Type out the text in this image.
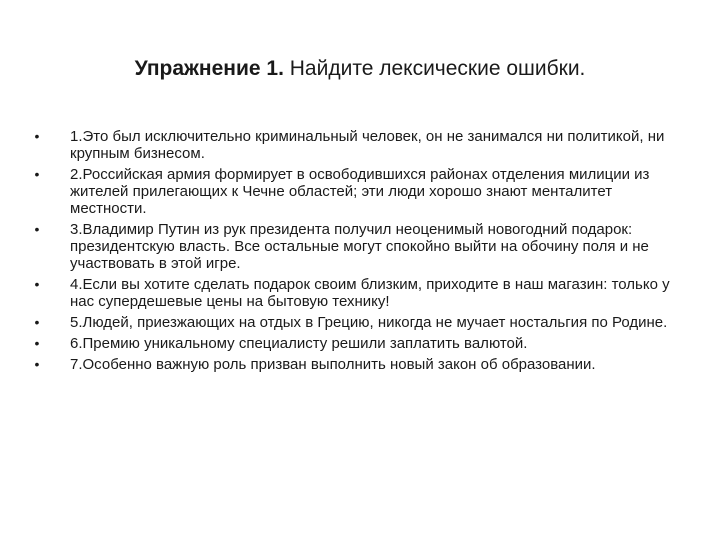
Упражнение 1. Найдите лексические ошибки.
•	1.Это был исключительно криминальный человек, он не занимался ни политикой, ни крупным бизнесом.
•	2.Российская армия формирует в освободившихся районах отделения милиции из жителей прилегающих к Чечне областей; эти люди хорошо знают менталитет местности.
•	3.Владимир Путин из рук президента получил неоценимый новогодний подарок: президентскую власть. Все остальные могут спокойно выйти на обочину поля и не участвовать в этой игре.
•	4.Если вы хотите сделать подарок своим близким, приходите в наш магазин: только у нас супердешевые цены на бытовую технику!
•	5.Людей, приезжающих на отдых в Грецию, никогда не мучает ностальгия по Родине.
•	6.Премию уникальному специалисту решили заплатить валютой.
•	7.Особенно важную роль призван выполнить новый закон об образовании.
